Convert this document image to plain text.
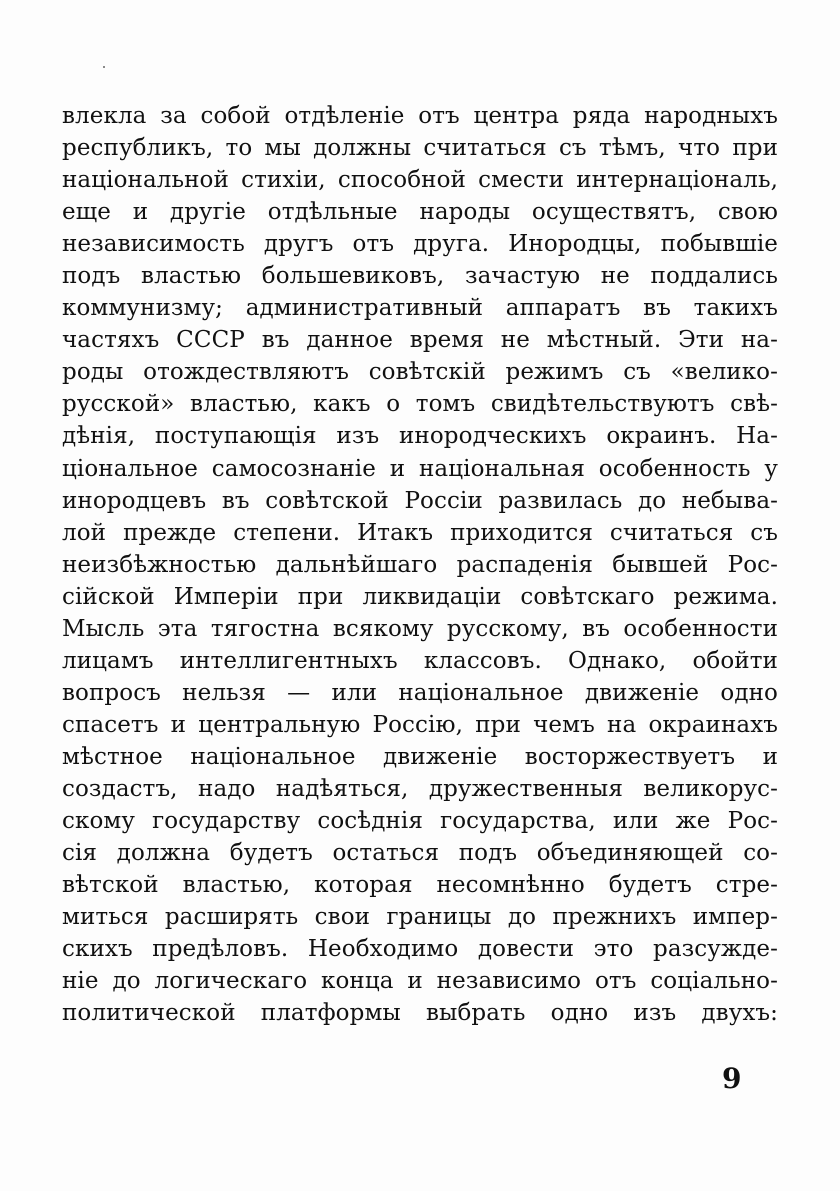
влекла за собой отдѣленіе отъ центра ряда народныхъ
республикъ, то мы должны считаться съ тѣмъ, что при
національной стихіи, способной смести интернаціональ,
еще и другіе отдѣльные народы осуществятъ, свою
независимость другъ отъ друга. Инородцы, побывшіе
подъ властью большевиковъ, зачастую не поддались
коммунизму; административный аппаратъ въ такихъ
частяхъ СССР въ данное время не мѣстный. Эти на-
роды отождествляютъ совѣтскій режимъ съ «велико-
русской» властью, какъ о томъ свидѣтельствуютъ свѣ-
дѣнія, поступающія изъ инородческихъ окраинъ. На-
ціональное самосознаніе и національная особенность у
инородцевъ въ совѣтской Россіи развилась до небыва-
лой прежде степени. Итакъ приходится считаться съ
неизбѣжностью дальнѣйшаго распаденія бывшей Рос-
сійской Имперіи при ликвидаціи совѣтскаго режима.
Мысль эта тягостна всякому русскому, въ особенности
лицамъ интеллигентныхъ классовъ. Однако, обойти
вопросъ нельзя — или національное движеніе одно
спасетъ и центральную Россію, при чемъ на окраинахъ
мѣстное національное движеніе восторжествуетъ и
создастъ, надо надѣяться, дружественныя великорус-
скому государству сосѣднія государства, или же Рос-
сія должна будетъ остаться подъ объединяющей со-
вѣтской властью, которая несомнѣнно будетъ стре-
миться расширять свои границы до прежнихъ импер-
скихъ предѣловъ. Необходимо довести это разсужде-
ніе до логическаго конца и независимо отъ соціально-
политической платформы выбрать одно изъ двухъ:
9
